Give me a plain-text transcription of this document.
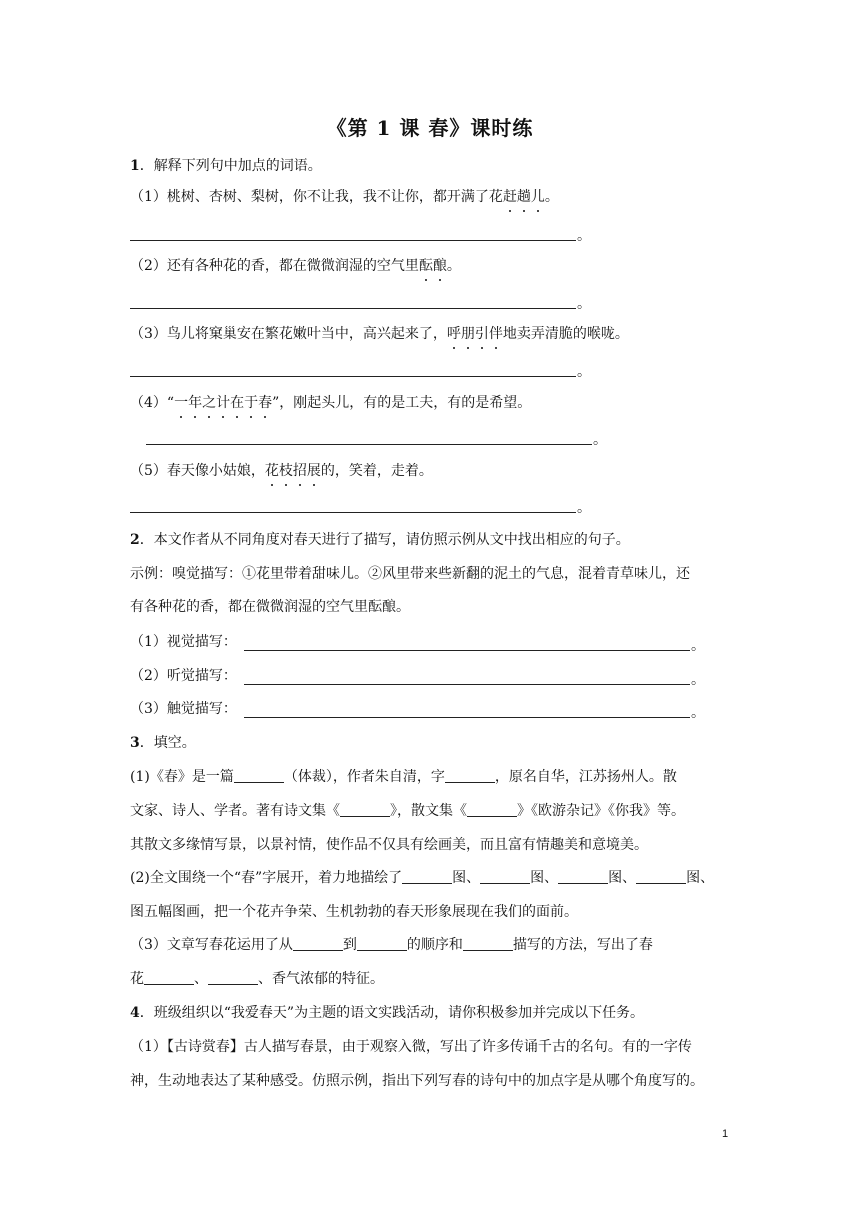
《第 1 课 春》课时练
1．解释下列句中加点的词语。
（1）桃树、杏树、梨树，你不让我，我不让你，都开满了花赶趟儿。
。
（2）还有各种花的香，都在微微润湿的空气里酝酿。
。
（3）鸟儿将窠巢安在繁花嫩叶当中，高兴起来了，呼朋引伴地卖弄清脆的喉咙。
。
（4）“一年之计在于春”，刚起头儿，有的是工夫，有的是希望。
。
（5）春天像小姑娘，花枝招展的，笑着，走着。
。
2．本文作者从不同角度对春天进行了描写，请仿照示例从文中找出相应的句子。
示例：嗅觉描写：①花里带着甜味儿。②风里带来些新翻的泥土的气息，混着青草味儿，还
有各种花的香，都在微微润湿的空气里酝酿。
（1）视觉描写：	。
（2）听觉描写：	。
（3）触觉描写：	。
3．填空。
(1)《春》是一篇	（体裁），作者朱自清，字	，原名自华，江苏扬州人。散
文家、诗人、学者。著有诗文集《	》，散文集《	》《欧游杂记》《你我》等。
其散文多缘情写景，以景衬情，使作品不仅具有绘画美，而且富有情趣美和意境美。
(2)全文围绕一个“春”字展开，着力地描绘了	图、	图、	图、	图、
图五幅图画，把一个花卉争荣、生机勃勃的春天形象展现在我们的面前。
（3）文章写春花运用了从	到	的顺序和	描写的方法，写出了春
花	、	、香气浓郁的特征。
4．班级组织以“我爱春天”为主题的语文实践活动，请你积极参加并完成以下任务。
（1）【古诗赏春】古人描写春景，由于观察入微，写出了许多传诵千古的名句。有的一字传
神，生动地表达了某种感受。仿照示例，指出下列写春的诗句中的加点字是从哪个角度写的。
1
